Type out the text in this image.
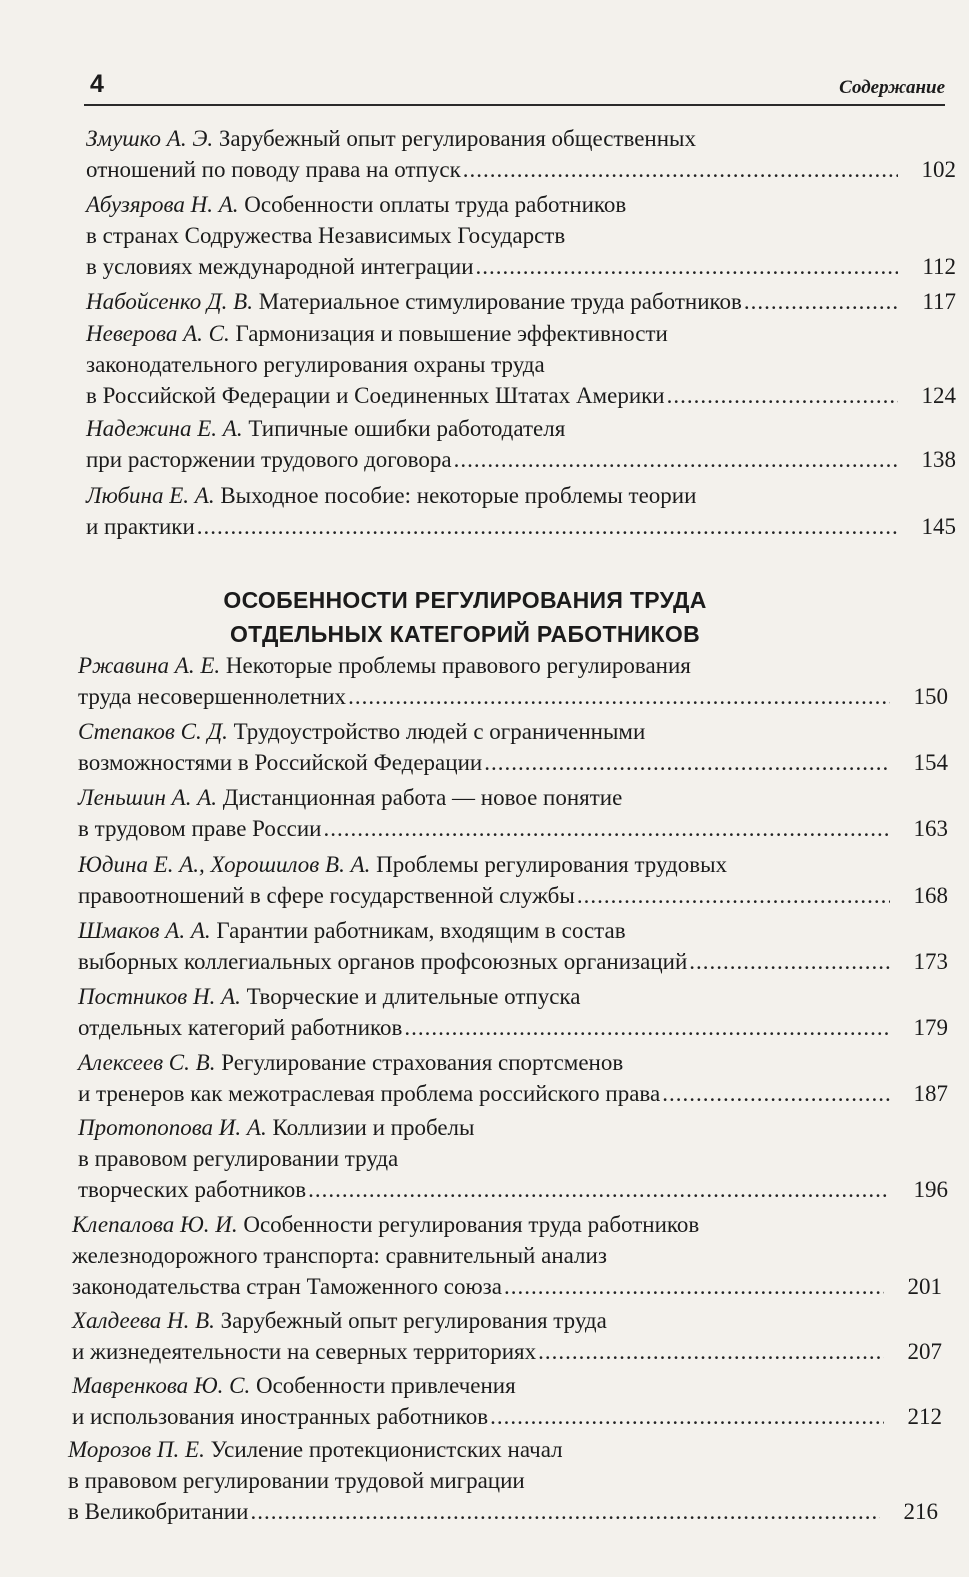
4	Содержание
Змушко А. Э. Зарубежный опыт регулирования общественных
отношений по поводу права на отпуск .....	102
Абузярова Н. А. Особенности оплаты труда работников
в странах Содружества Независимых Государств
в условиях международной интеграции .....	112
Набойсенко Д. В. Материальное стимулирование труда работников .....	117
Неверова А. С. Гармонизация и повышение эффективности
законодательного регулирования охраны труда
в Российской Федерации и Соединенных Штатах Америки .....	124
Надежина Е. А. Типичные ошибки работодателя
при расторжении трудового договора .....	138
Любина Е. А. Выходное пособие: некоторые проблемы теории
и практики .....	145
ОСОБЕННОСТИ РЕГУЛИРОВАНИЯ ТРУДА
ОТДЕЛЬНЫХ КАТЕГОРИЙ РАБОТНИКОВ
Ржавина А. Е. Некоторые проблемы правового регулирования
труда несовершеннолетних .....	150
Степаков С. Д. Трудоустройство людей с ограниченными
возможностями в Российской Федерации .....	154
Леньшин А. А. Дистанционная работа — новое понятие
в трудовом праве России .....	163
Юдина Е. А., Хорошилов В. А. Проблемы регулирования трудовых
правоотношений в сфере государственной службы .....	168
Шмаков А. А. Гарантии работникам, входящим в состав
выборных коллегиальных органов профсоюзных организаций .....	173
Постников Н. А. Творческие и длительные отпуска
отдельных категорий работников .....	179
Алексеев С. В. Регулирование страхования спортсменов
и тренеров как межотраслевая проблема российского права .....	187
Протопопова И. А. Коллизии и пробелы
в правовом регулировании труда
творческих работников .....	196
Клепалова Ю. И. Особенности регулирования труда работников
железнодорожного транспорта: сравнительный анализ
законодательства стран Таможенного союза .....	201
Халдеева Н. В. Зарубежный опыт регулирования труда
и жизнедеятельности на северных территориях .....	207
Мавренкова Ю. С. Особенности привлечения
и использования иностранных работников .....	212
Морозов П. Е. Усиление протекционистских начал
в правовом регулировании трудовой миграции
в Великобритании .....	216
